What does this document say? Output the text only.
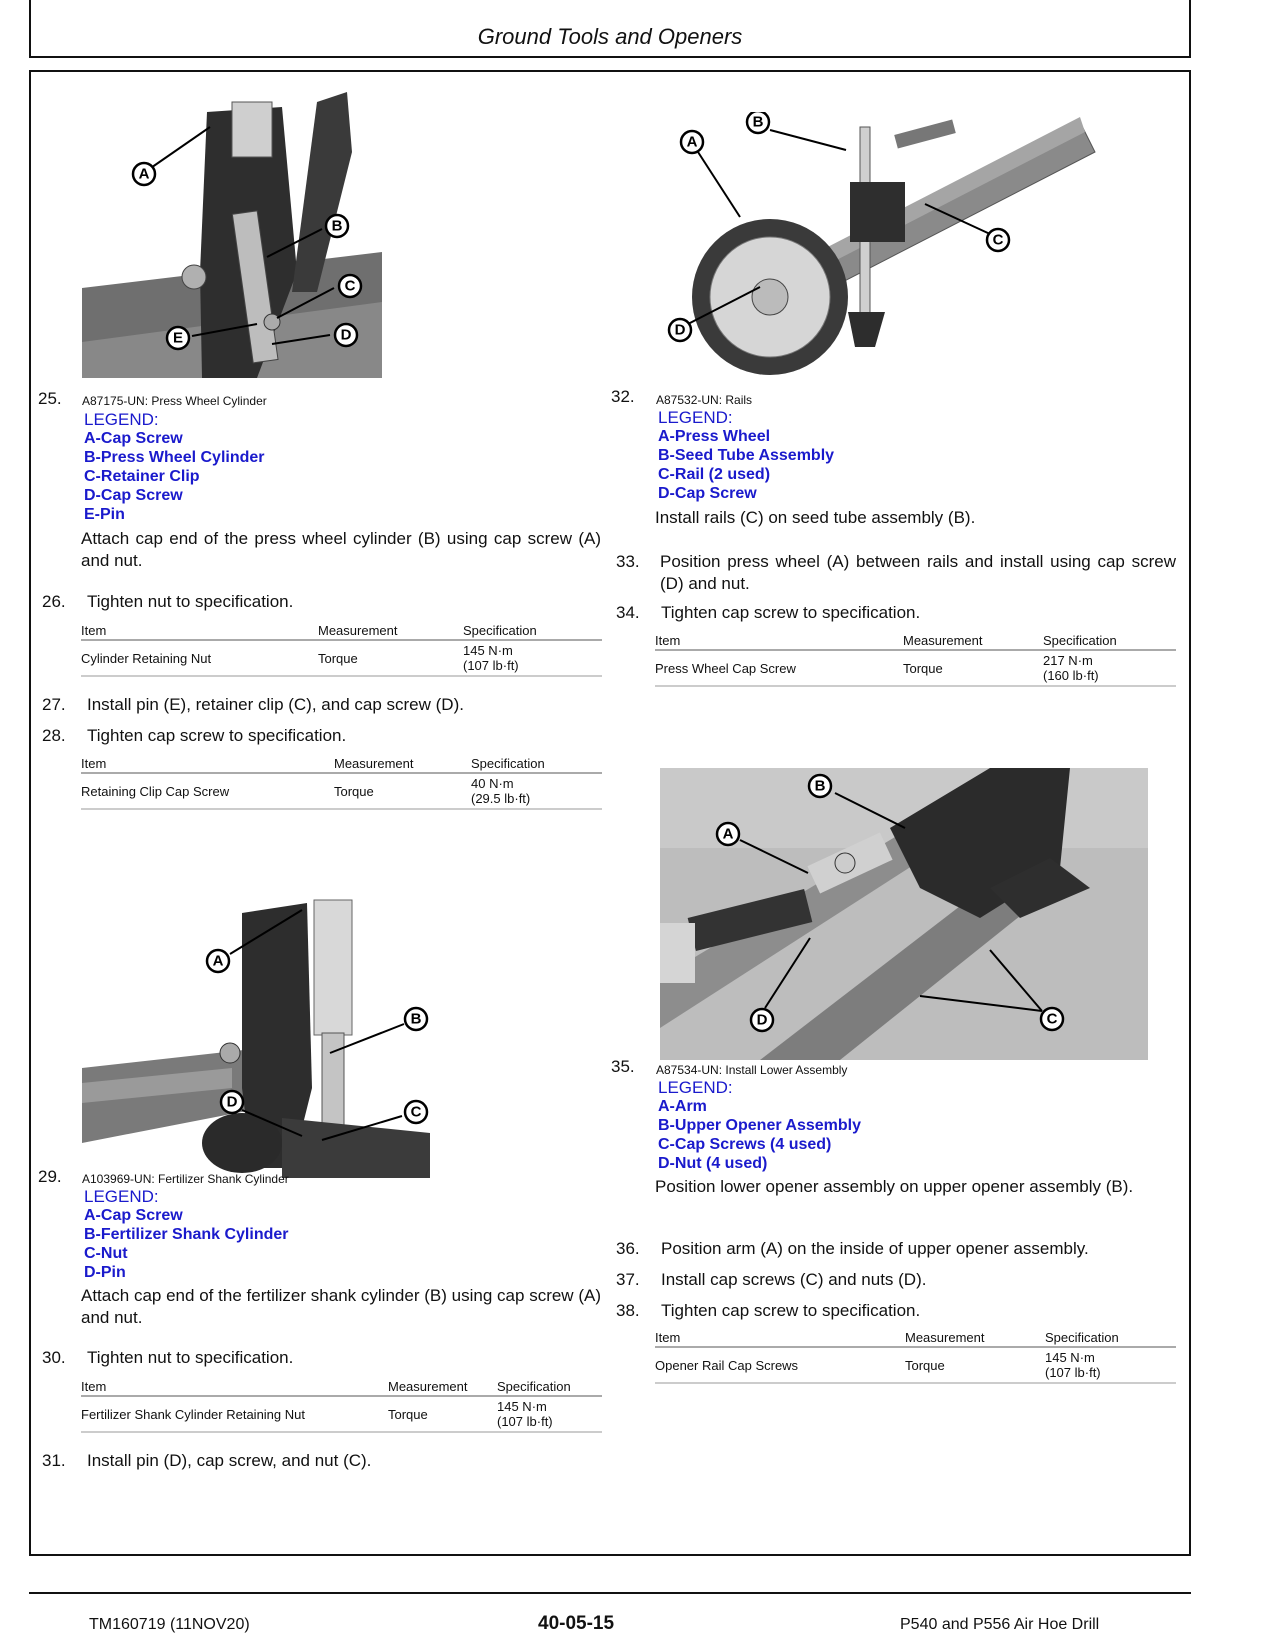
Ground Tools and Openers
A
B
C
D
E
25. A87175-UN: Press Wheel Cylinder
LEGEND:
A-Cap Screw
B-Press Wheel Cylinder
C-Retainer Clip
D-Cap Screw
E-Pin
Attach cap end of the press wheel cylinder (B) using cap screw (A) and nut.
26. Tighten nut to specification.
Item	Measurement	Specification
Cylinder Retaining Nut	Torque	145 N·m
(107 lb·ft)
27. Install pin (E), retainer clip (C), and cap screw (D).
28. Tighten cap screw to specification.
Item	Measurement	Specification
Retaining Clip Cap Screw	Torque	40 N·m
(29.5 lb·ft)
A
B
C
D
29. A103969-UN: Fertilizer Shank Cylinder
LEGEND:
A-Cap Screw
B-Fertilizer Shank Cylinder
C-Nut
D-Pin
Attach cap end of the fertilizer shank cylinder (B) using cap screw (A) and nut.
30. Tighten nut to specification.
Item	Measurement	Specification
Fertilizer Shank Cylinder Retaining Nut	Torque	145 N·m
(107 lb·ft)
31. Install pin (D), cap screw, and nut (C).
A
B
C
D
32. A87532-UN: Rails
LEGEND:
A-Press Wheel
B-Seed Tube Assembly
C-Rail (2 used)
D-Cap Screw
Install rails (C) on seed tube assembly (B).
33. Position press wheel (A) between rails and install using cap screw (D) and nut.
34. Tighten cap screw to specification.
Item	Measurement	Specification
Press Wheel Cap Screw	Torque	217 N·m
(160 lb·ft)
A
B
C
D
35. A87534-UN: Install Lower Assembly
LEGEND:
A-Arm
B-Upper Opener Assembly
C-Cap Screws (4 used)
D-Nut (4 used)
Position lower opener assembly on upper opener assembly (B).
36. Position arm (A) on the inside of upper opener assembly.
37. Install cap screws (C) and nuts (D).
38. Tighten cap screw to specification.
Item	Measurement	Specification
Opener Rail Cap Screws	Torque	145 N·m
(107 lb·ft)
TM160719 (11NOV20)	40-05-15	P540 and P556 Air Hoe Drill
